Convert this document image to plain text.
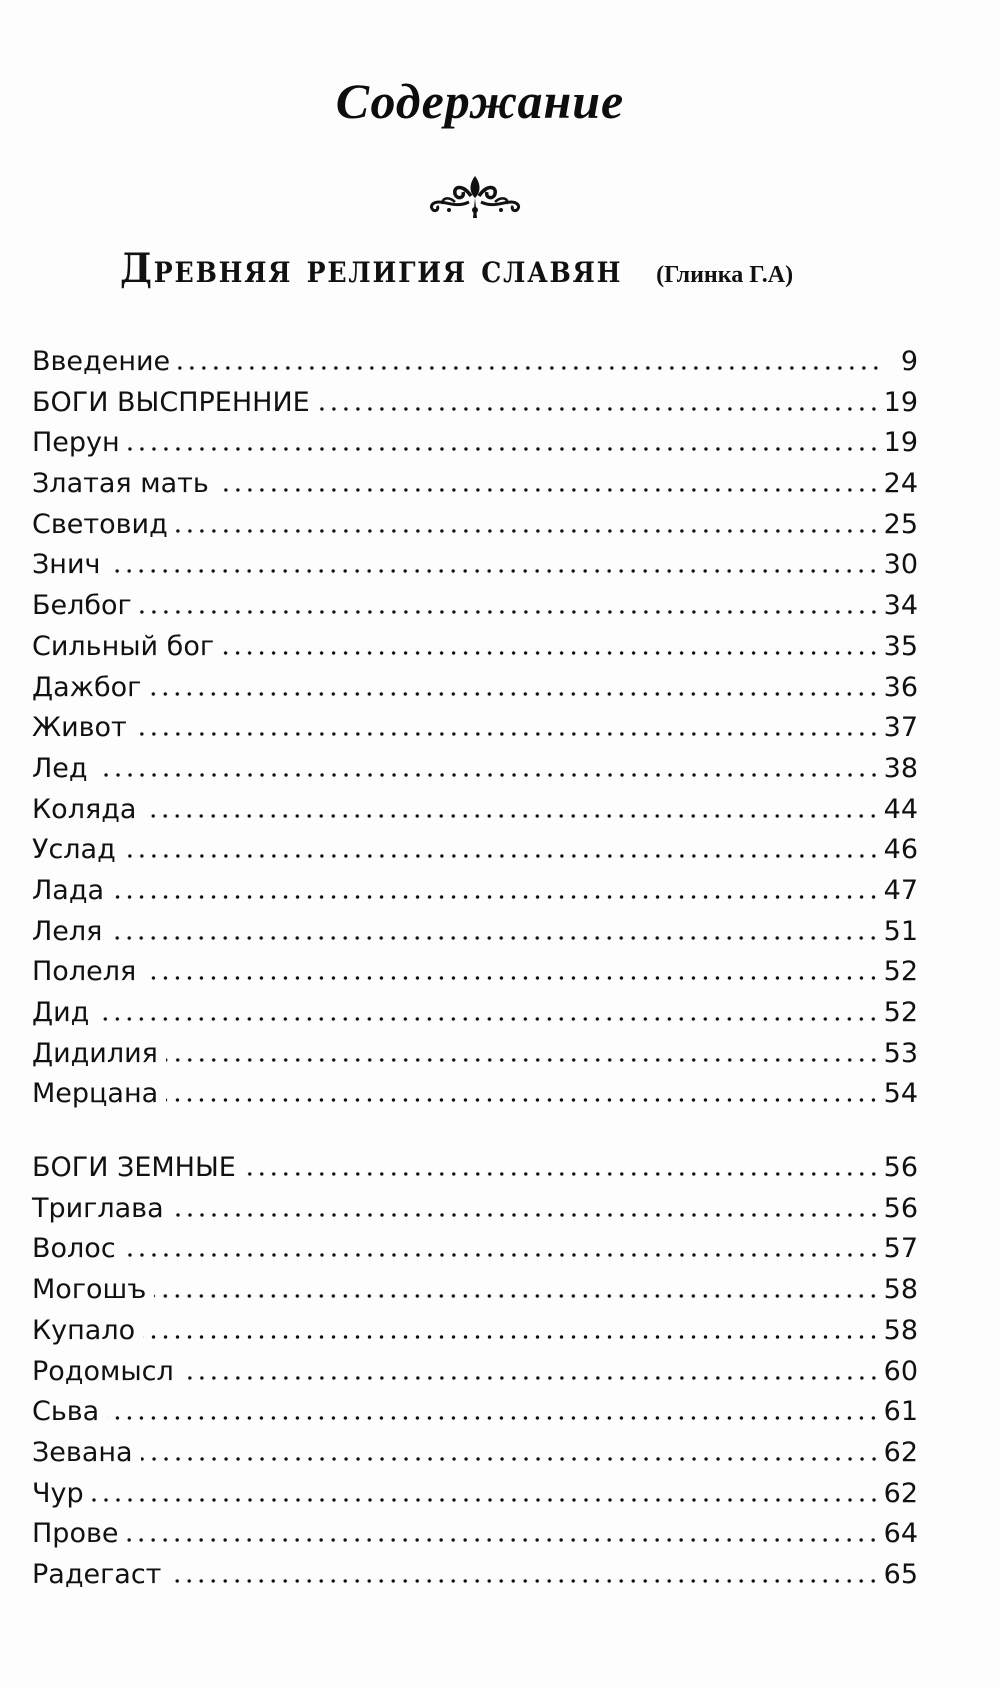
Содержание
Древняя религия славян (Глинка Г.А)
Введение	9
БОГИ ВЫСПРЕННИЕ	19
Перун	19
Златая мать	24
Световид	25
Знич	30
Белбог	34
Сильный бог	35
Дажбог	36
Живот	37
Лед	38
Коляда	44
Услад	46
Лада	47
Леля	51
Полеля	52
Дид	52
Дидилия	53
Мерцана	54
БОГИ ЗЕМНЫЕ	56
Триглава	56
Волос	57
Могошъ	58
Купало	58
Родомысл	60
Сьва	61
Зевана	62
Чур	62
Прове	64
Радегаст	65
